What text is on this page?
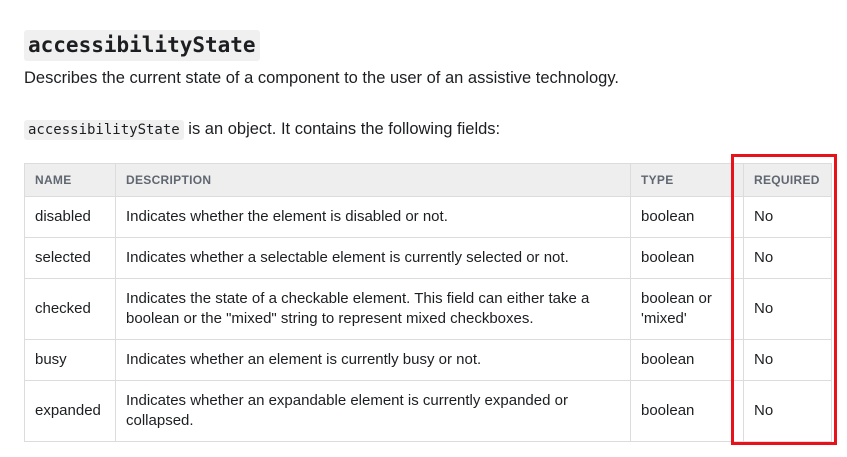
accessibilityState

Describes the current state of a component to the user of an assistive technology.

accessibilityState is an object. It contains the following fields:

NAME	DESCRIPTION	TYPE	REQUIRED
disabled	Indicates whether the element is disabled or not.	boolean	No
selected	Indicates whether a selectable element is currently selected or not.	boolean	No
checked	Indicates the state of a checkable element. This field can either take a boolean or the "mixed" string to represent mixed checkboxes.	boolean or 'mixed'	No
busy	Indicates whether an element is currently busy or not.	boolean	No
expanded	Indicates whether an expandable element is currently expanded or collapsed.	boolean	No
